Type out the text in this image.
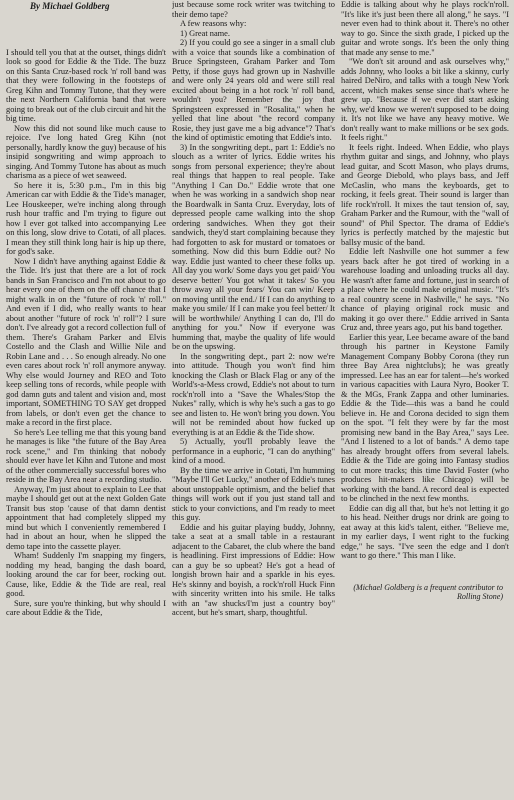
By Michael Goldberg

I should tell you that at the outset, things didn't look so good for Eddie & the Tide. The buzz on this Santa Cruz-based rock 'n' roll band was that they were following in the footsteps of Greg Kihn and Tommy Tutone, that they were the next Northern California band that were going to break out of the club circuit and hit the big time.

Now this did not sound like much cause to rejoice. I've long hated Greg Kihn (not personally, hardly know the guy) because of his insipid songwriting and wimp approach to singing. And Tommy Tutone has about as much charisma as a piece of wet seaweed.

So here it is, 5:30 p.m., I'm in this big American car with Eddie & the Tide's manager, Lee Houskeeper, we're inching along through rush hour traffic and I'm trying to figure out how I ever got talked into accompanying Lee on this long, slow drive to Cotati, of all places. I mean they still think long hair is hip up there, for god's sake.

Now I didn't have anything against Eddie & the Tide. It's just that there are a lot of rock bands in San Francisco and I'm not about to go hear every one of them on the off chance that I might walk in on the "future of rock 'n' roll." And even if I did, who really wants to hear about another "future of rock 'n' roll"? I sure don't. I've already got a record collection full of them. There's Graham Parker and Elvis Costello and the Clash and Willie Nile and Robin Lane and . . . So enough already. No one even cares about rock 'n' roll anymore anyway. Why else would Journey and REO and Toto keep selling tons of records, while people with god damn guts and talent and vision and, most important, SOMETHING TO SAY get dropped from labels, or don't even get the chance to make a record in the first place.

So here's Lee telling me that this young band he manages is like "the future of the Bay Area rock scene," and I'm thinking that nobody should ever have let Kihn and Tutone and most of the other commercially successful bores who reside in the Bay Area near a recording studio.

Anyway, I'm just about to explain to Lee that maybe I should get out at the next Golden Gate Transit bus stop 'cause of that damn dentist appointment that had completely slipped my mind but which I conveniently remembered I had in about an hour, when he slipped the demo tape into the cassette player.

Wham! Suddenly I'm snapping my fingers, nodding my head, banging the dash board, looking around the car for beer, rocking out. Cause, like, Eddie & the Tide are real, real good.

Sure, sure you're thinking, but why should I care about Eddie & the Tide,

just because some rock writer was twitching to their demo tape?

A few reasons why:

1) Great name.

2) If you could go see a singer in a small club with a voice that sounds like a combination of Bruce Springsteen, Graham Parker and Tom Petty, if those guys had grown up in Nashville and were only 24 years old and were still real excited about being in a hot rock 'n' roll band, wouldn't you? Remember the joy that Springsteen expressed in "Rosalita," when he yelled that line about "the record company Rosie, they just gave me a big advance"? That's the kind of optimistic emoting that Eddie's into.

3) In the songwriting dept., part 1: Eddie's no slouch as a writer of lyrics. Eddie writes his songs from personal experience; they're about real things that happen to real people. Take "Anything I Can Do." Eddie wrote that one when he was working in a sandwich shop near the Boardwalk in Santa Cruz. Everyday, lots of depressed people came walking into the shop ordering sandwiches. When they got their sandwich, they'd start complaining because they had forgotten to ask for mustard or tomatoes or something. Now did this burn Eddie out? No way. Eddie just wanted to cheer these folks up. All day you work/ Some days you get paid/ You deserve better/ You got what it takes/ So you throw away all your fears/ You can win/ Keep on moving until the end./ If I can do anything to make you smile/ If I can make you feel better/ It will be worthwhile/ Anything I can do, I'll do anything for you." Now if everyone was humming that, maybe the quality of life would be on the upswing.

In the songwriting dept., part 2: now we're into attitude. Though you won't find him knocking the Clash or Black Flag or any of the World's-a-Mess crowd, Eddie's not about to turn rock'n'roll into a "Save the Whales/Stop the Nukes" rally, which is why he's such a gas to go see and listen to. He won't bring you down. You will not be reminded about how fucked up everything is at an Eddie & the Tide show.

5) Actually, you'll probably leave the performance in a euphoric, "I can do anything" kind of a mood.

By the time we arrive in Cotati, I'm humming "Maybe I'll Get Lucky," another of Eddie's tunes about unstoppable optimism, and the belief that things will work out if you just stand tall and stick to your convictions, and I'm ready to meet this guy.

Eddie and his guitar playing buddy, Johnny, take a seat at a small table in a restaurant adjacent to the Cabaret, the club where the band is headlining. First impressions of Eddie: How can a guy be so upbeat? He's got a head of longish brown hair and a sparkle in his eyes. He's skinny and boyish, a rock'n'roll Huck Finn with sincerity written into his smile. He talks with an "aw shucks/I'm just a country boy" accent, but he's smart, sharp, thoughtful.

Eddie is talking about why he plays rock'n'roll. "It's like it's just been there all along," he says. "I never even had to think about it. There's no other way to go. Since the sixth grade, I picked up the guitar and wrote songs. It's been the only thing that made any sense to me."

"We don't sit around and ask ourselves why," adds Johnny, who looks a bit like a skinny, curly haired DeNiro, and talks with a tough New York accent, which makes sense since that's where he grew up. "Because if we ever did start asking why, we'd know we weren't supposed to be doing it. It's not like we have any heavy motive. We don't really want to make millions or be sex gods. It feels right."

It feels right. Indeed. When Eddie, who plays rhythm guitar and sings, and Johnny, who plays lead guitar, and Scott Mason, who plays drums, and George Diebold, who plays bass, and Jeff McCaslin, who mans the keyboards, get to rocking, it feels great. Their sound is larger than life rock'n'roll. It mixes the taut tension of, say, Graham Parker and the Rumour, with the "wall of sound" of Phil Spector. The drama of Eddie's lyrics is perfectly matched by the majestic but ballsy music of the band.

Eddie left Nashville one hot summer a few years back after he got tired of working in a warehouse loading and unloading trucks all day. He wasn't after fame and fortune, just in search of a place where he could make original music. "It's a real country scene in Nashville," he says. "No chance of playing original rock music and making it go over there." Eddie arrived in Santa Cruz and, three years ago, put his band together.

Earlier this year, Lee became aware of the band through his partner in Keystone Family Management Company Bobby Corona (they run three Bay Area nightclubs); he was greatly impressed. Lee has an ear for talent—he's worked in various capacities with Laura Nyro, Booker T. & the MGs, Frank Zappa and other luminaries. Eddie & the Tide—this was a band he could believe in. He and Corona decided to sign them on the spot. "I felt they were by far the most promising new band in the Bay Area," says Lee. "And I listened to a lot of bands." A demo tape has already brought offers from several labels. Eddie & the Tide are going into Fantasy studios to cut more tracks; this time David Foster (who produces hit-makers like Chicago) will be working with the band. A record deal is expected to be clinched in the next few months.

Eddie can dig all that, but he's not letting it go to his head. Neither drugs nor drink are going to eat away at this kid's talent, either. "Believe me, in my earlier days, I went right to the fucking edge," he says. "I've seen the edge and I don't want to go there." This man I like.

(Michael Goldberg is a frequent contributor to Rolling Stone)
